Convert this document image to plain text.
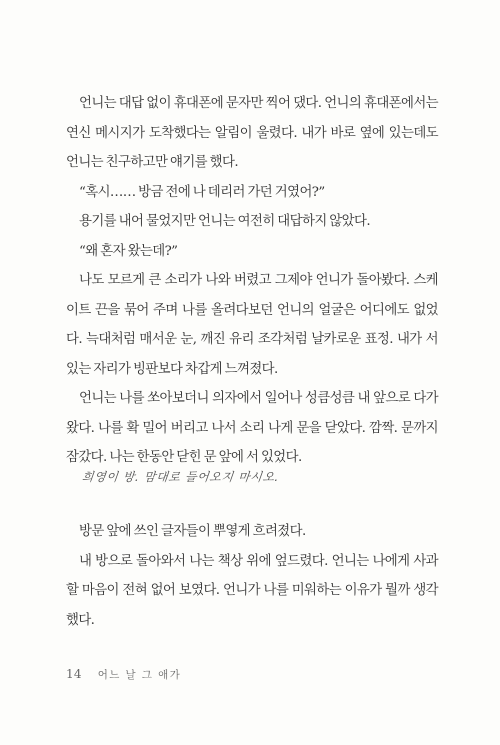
언니는 대답 없이 휴대폰에 문자만 찍어 댔다. 언니의 휴대폰에서는 연신 메시지가 도착했다는 알림이 울렸다. 내가 바로 옆에 있는데도 언니는 친구하고만 얘기를 했다.

“혹시…… 방금 전에 나 데리러 가던 거였어?”

용기를 내어 물었지만 언니는 여전히 대답하지 않았다.

“왜 혼자 왔는데?”

나도 모르게 큰 소리가 나와 버렸고 그제야 언니가 돌아봤다. 스케이트 끈을 묶어 주며 나를 올려다보던 언니의 얼굴은 어디에도 없었다. 늑대처럼 매서운 눈, 깨진 유리 조각처럼 날카로운 표정. 내가 서 있는 자리가 빙판보다 차갑게 느껴졌다.

언니는 나를 쏘아보더니 의자에서 일어나 성큼성큼 내 앞으로 다가왔다. 나를 확 밀어 버리고 나서 소리 나게 문을 닫았다. 깜짝. 문까지 잠갔다. 나는 한동안 닫힌 문 앞에 서 있었다.

희영이 방. 맘대로 들어오지 마시오.

방문 앞에 쓰인 글자들이 뿌옇게 흐려졌다.

내 방으로 돌아와서 나는 책상 위에 엎드렸다. 언니는 나에게 사과할 마음이 전혀 없어 보였다. 언니가 나를 미워하는 이유가 뭘까 생각했다.

14 어느 날 그 애가
